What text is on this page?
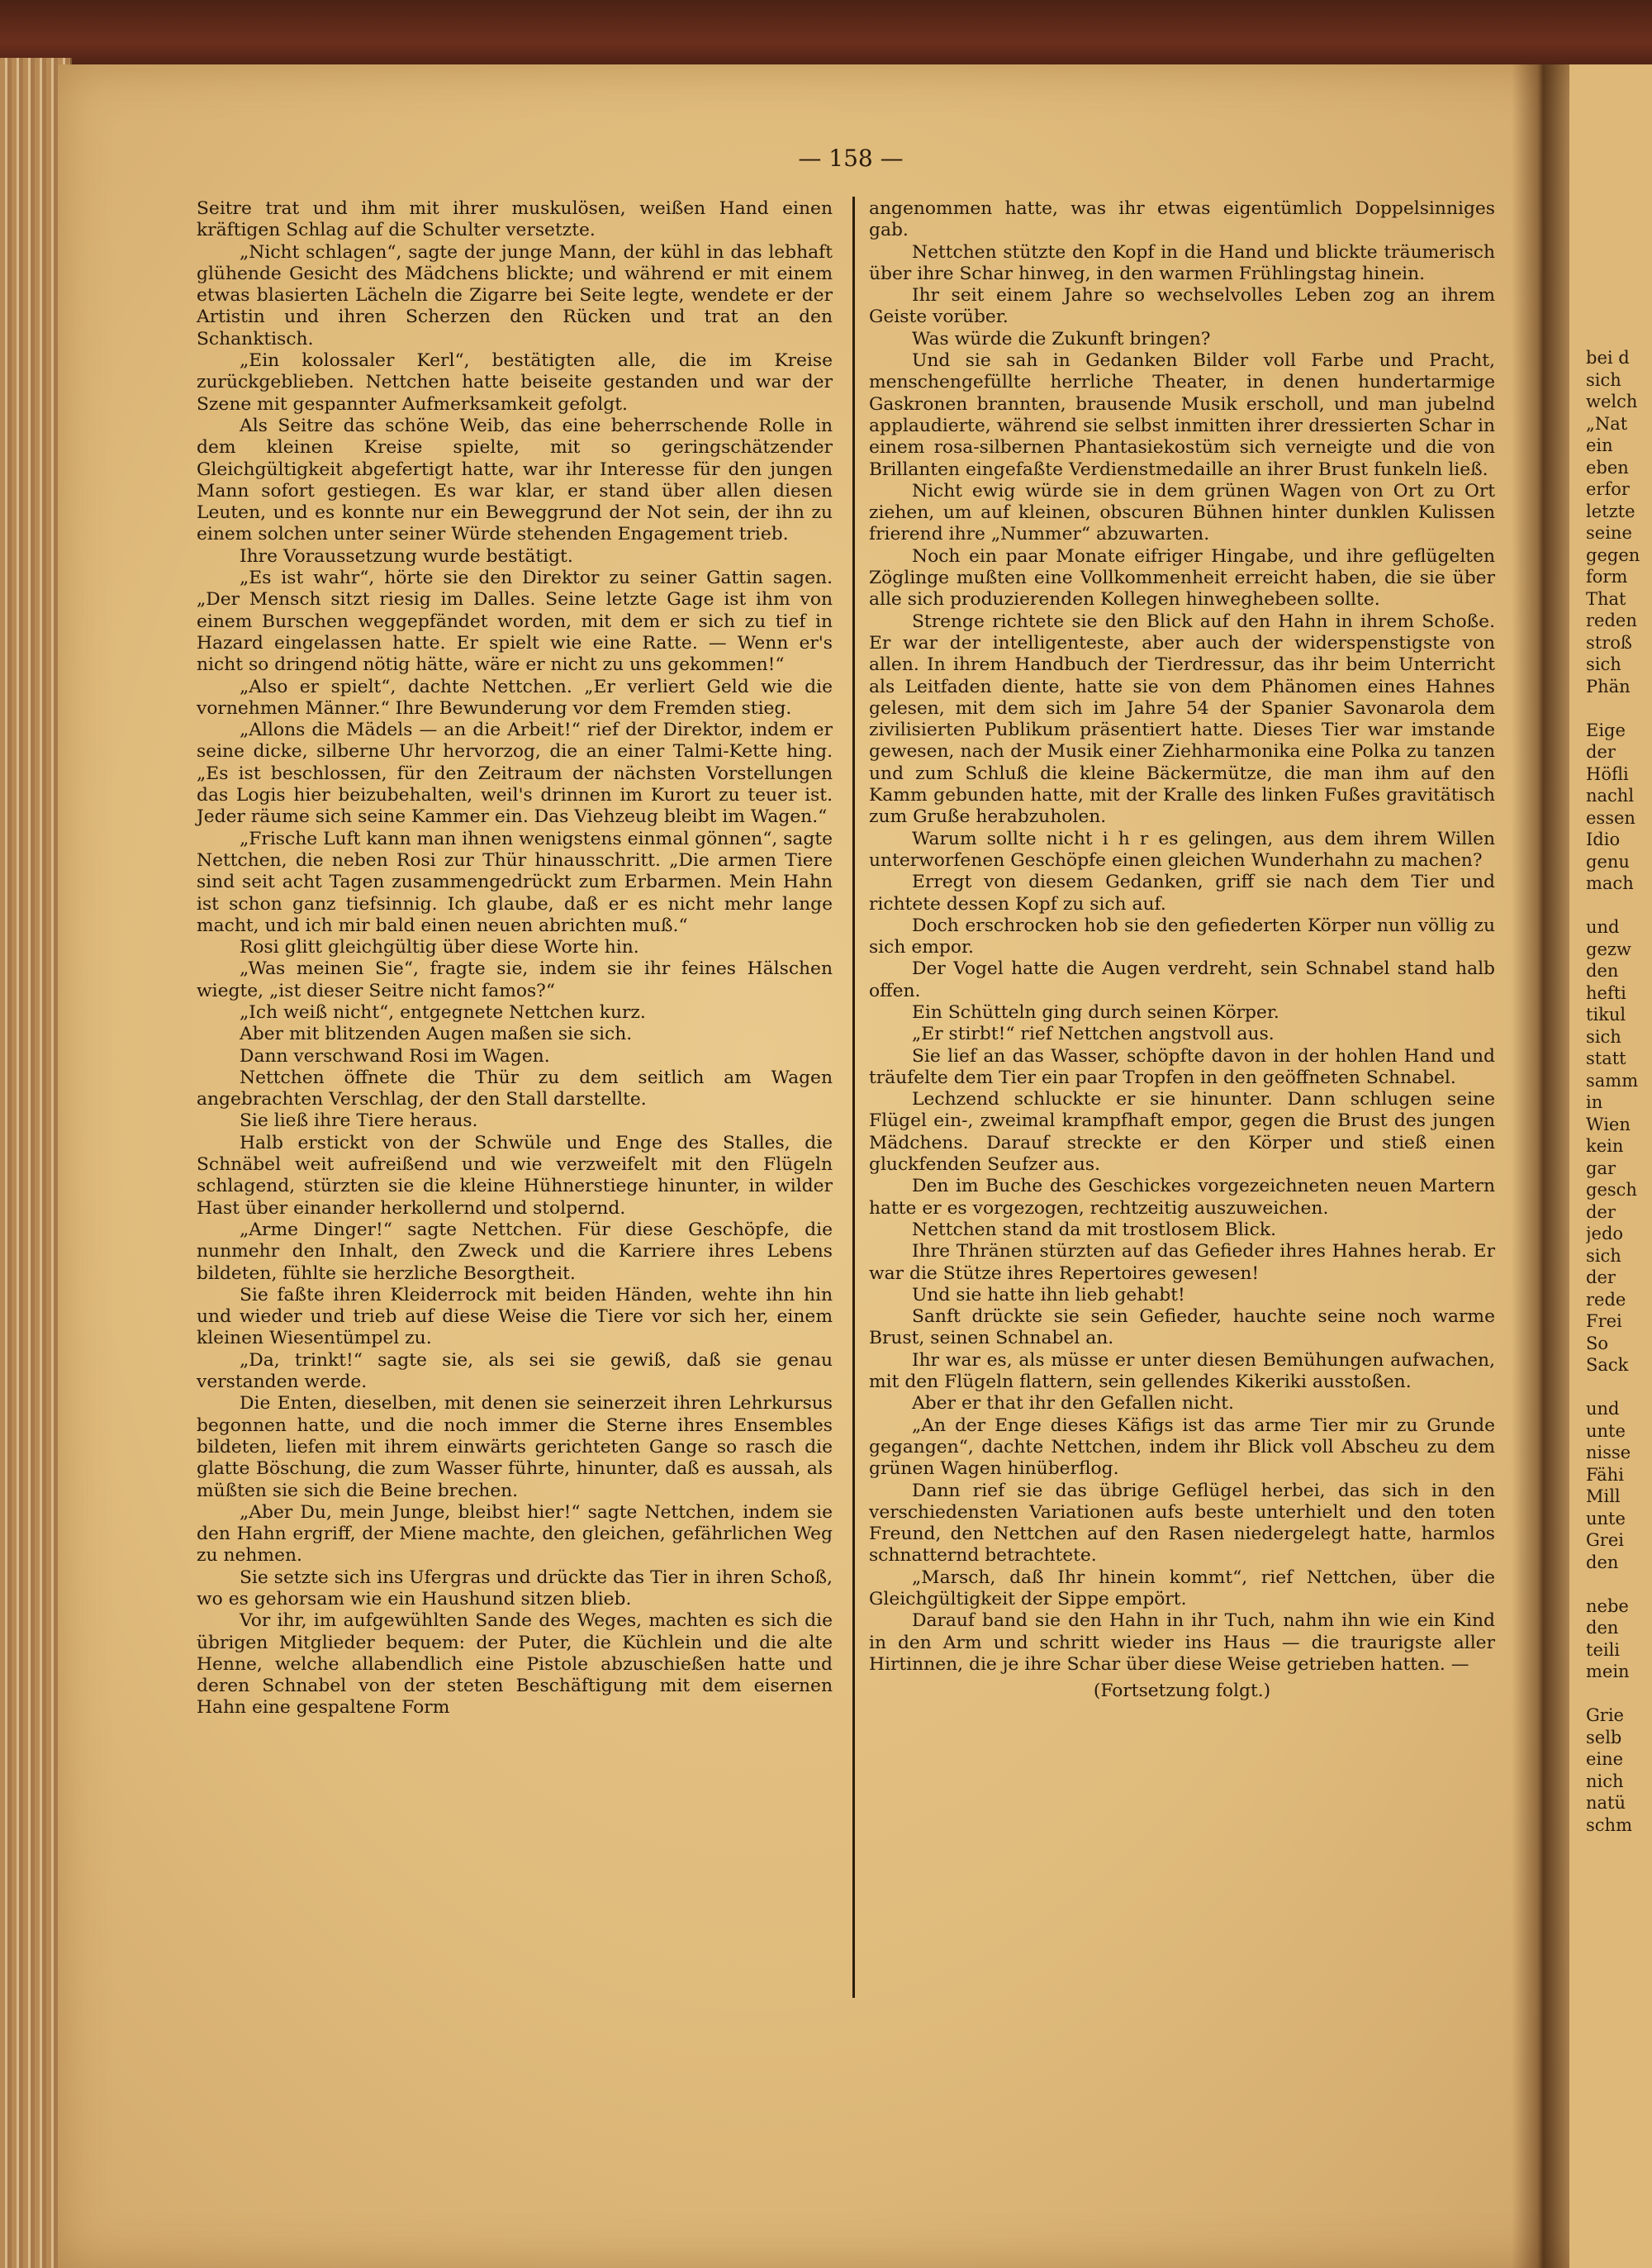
— 158 —

Seitre trat und ihm mit ihrer muskulösen, weißen Hand einen kräftigen Schlag auf die Schulter versetzte.

„Nicht schlagen“, sagte der junge Mann, der kühl in das lebhaft glühende Gesicht des Mädchens blickte; und während er mit einem etwas blasierten Lächeln die Zigarre bei Seite legte, wendete er der Artistin und ihren Scherzen den Rücken und trat an den Schanktisch.

„Ein kolossaler Kerl“, bestätigten alle, die im Kreise zurückgeblieben. Nettchen hatte beiseite gestanden und war der Szene mit gespannter Aufmerksamkeit gefolgt.

Als Seitre das schöne Weib, das eine beherrschende Rolle in dem kleinen Kreise spielte, mit so geringschätzender Gleichgültigkeit abgefertigt hatte, war ihr Interesse für den jungen Mann sofort gestiegen. Es war klar, er stand über allen diesen Leuten, und es konnte nur ein Beweggrund der Not sein, der ihn zu einem solchen unter seiner Würde stehenden Engagement trieb.

Ihre Voraussetzung wurde bestätigt.

„Es ist wahr“, hörte sie den Direktor zu seiner Gattin sagen. „Der Mensch sitzt riesig im Dalles. Seine letzte Gage ist ihm von einem Burschen weggepfändet worden, mit dem er sich zu tief in Hazard eingelassen hatte. Er spielt wie eine Ratte. — Wenn er's nicht so dringend nötig hätte, wäre er nicht zu uns gekommen!“

„Also er spielt“, dachte Nettchen. „Er verliert Geld wie die vornehmen Männer.“ Ihre Bewunderung vor dem Fremden stieg.

„Allons die Mädels — an die Arbeit!“ rief der Direktor, indem er seine dicke, silberne Uhr hervorzog, die an einer Talmi-Kette hing. „Es ist beschlossen, für den Zeitraum der nächsten Vorstellungen das Logis hier beizubehalten, weil's drinnen im Kurort zu teuer ist. Jeder räume sich seine Kammer ein. Das Viehzeug bleibt im Wagen.“

„Frische Luft kann man ihnen wenigstens einmal gönnen“, sagte Nettchen, die neben Rosi zur Thür hinausschritt. „Die armen Tiere sind seit acht Tagen zusammengedrückt zum Erbarmen. Mein Hahn ist schon ganz tiefsinnig. Ich glaube, daß er es nicht mehr lange macht, und ich mir bald einen neuen abrichten muß.“

Rosi glitt gleichgültig über diese Worte hin.

„Was meinen Sie“, fragte sie, indem sie ihr feines Hälschen wiegte, „ist dieser Seitre nicht famos?“

„Ich weiß nicht“, entgegnete Nettchen kurz.

Aber mit blitzenden Augen maßen sie sich.

Dann verschwand Rosi im Wagen.

Nettchen öffnete die Thür zu dem seitlich am Wagen angebrachten Verschlag, der den Stall darstellte.

Sie ließ ihre Tiere heraus.

Halb erstickt von der Schwüle und Enge des Stalles, die Schnäbel weit aufreißend und wie verzweifelt mit den Flügeln schlagend, stürzten sie die kleine Hühnerstiege hinunter, in wilder Hast über einander herkollernd und stolpernd.

„Arme Dinger!“ sagte Nettchen. Für diese Geschöpfe, die nunmehr den Inhalt, den Zweck und die Karriere ihres Lebens bildeten, fühlte sie herzliche Besorgtheit.

Sie faßte ihren Kleiderrock mit beiden Händen, wehte ihn hin und wieder und trieb auf diese Weise die Tiere vor sich her, einem kleinen Wiesentümpel zu.

„Da, trinkt!“ sagte sie, als sei sie gewiß, daß sie genau verstanden werde.

Die Enten, dieselben, mit denen sie seinerzeit ihren Lehrkursus begonnen hatte, und die noch immer die Sterne ihres Ensembles bildeten, liefen mit ihrem einwärts gerichteten Gange so rasch die glatte Böschung, die zum Wasser führte, hinunter, daß es aussah, als müßten sie sich die Beine brechen.

„Aber Du, mein Junge, bleibst hier!“ sagte Nettchen, indem sie den Hahn ergriff, der Miene machte, den gleichen, gefährlichen Weg zu nehmen.

Sie setzte sich ins Ufergras und drückte das Tier in ihren Schoß, wo es gehorsam wie ein Haushund sitzen blieb.

Vor ihr, im aufgewühlten Sande des Weges, machten es sich die übrigen Mitglieder bequem: der Puter, die Küchlein und die alte Henne, welche allabendlich eine Pistole abzuschießen hatte und deren Schnabel von der steten Beschäftigung mit dem eisernen Hahn eine gespaltene Form

angenommen hatte, was ihr etwas eigentümlich Doppelsinniges gab.

Nettchen stützte den Kopf in die Hand und blickte träumerisch über ihre Schar hinweg, in den warmen Frühlingstag hinein.

Ihr seit einem Jahre so wechselvolles Leben zog an ihrem Geiste vorüber.

Was würde die Zukunft bringen?

Und sie sah in Gedanken Bilder voll Farbe und Pracht, menschengefüllte herrliche Theater, in denen hundertarmige Gaskronen brannten, brausende Musik erscholl, und man jubelnd applaudierte, während sie selbst inmitten ihrer dressierten Schar in einem rosa-silbernen Phantasiekostüm sich verneigte und die von Brillanten eingefaßte Verdienstmedaille an ihrer Brust funkeln ließ.

Nicht ewig würde sie in dem grünen Wagen von Ort zu Ort ziehen, um auf kleinen, obscuren Bühnen hinter dunklen Kulissen frierend ihre „Nummer“ abzuwarten.

Noch ein paar Monate eifriger Hingabe, und ihre geflügelten Zöglinge mußten eine Vollkommenheit erreicht haben, die sie über alle sich produzierenden Kollegen hinweghebeen sollte.

Strenge richtete sie den Blick auf den Hahn in ihrem Schoße. Er war der intelligenteste, aber auch der widerspenstigste von allen. In ihrem Handbuch der Tierdressur, das ihr beim Unterricht als Leitfaden diente, hatte sie von dem Phänomen eines Hahnes gelesen, mit dem sich im Jahre 54 der Spanier Savonarola dem zivilisierten Publikum präsentiert hatte. Dieses Tier war imstande gewesen, nach der Musik einer Ziehharmonika eine Polka zu tanzen und zum Schluß die kleine Bäckermütze, die man ihm auf den Kamm gebunden hatte, mit der Kralle des linken Fußes gravitätisch zum Gruße herabzuholen.

Warum sollte nicht i h r es gelingen, aus dem ihrem Willen unterworfenen Geschöpfe einen gleichen Wunderhahn zu machen?

Erregt von diesem Gedanken, griff sie nach dem Tier und richtete dessen Kopf zu sich auf.

Doch erschrocken hob sie den gefiederten Körper nun völlig zu sich empor.

Der Vogel hatte die Augen verdreht, sein Schnabel stand halb offen.

Ein Schütteln ging durch seinen Körper.

„Er stirbt!“ rief Nettchen angstvoll aus.

Sie lief an das Wasser, schöpfte davon in der hohlen Hand und träufelte dem Tier ein paar Tropfen in den geöffneten Schnabel.

Lechzend schluckte er sie hinunter. Dann schlugen seine Flügel ein-, zweimal krampfhaft empor, gegen die Brust des jungen Mädchens. Darauf streckte er den Körper und stieß einen gluckfenden Seufzer aus.

Den im Buche des Geschickes vorgezeichneten neuen Martern hatte er es vorgezogen, rechtzeitig auszuweichen.

Nettchen stand da mit trostlosem Blick.

Ihre Thränen stürzten auf das Gefieder ihres Hahnes herab. Er war die Stütze ihres Repertoires gewesen!

Und sie hatte ihn lieb gehabt!

Sanft drückte sie sein Gefieder, hauchte seine noch warme Brust, seinen Schnabel an.

Ihr war es, als müsse er unter diesen Bemühungen aufwachen, mit den Flügeln flattern, sein gellendes Kikeriki ausstoßen.

Aber er that ihr den Gefallen nicht.

„An der Enge dieses Käfigs ist das arme Tier mir zu Grunde gegangen“, dachte Nettchen, indem ihr Blick voll Abscheu zu dem grünen Wagen hinüberflog.

Dann rief sie das übrige Geflügel herbei, das sich in den verschiedensten Variationen aufs beste unterhielt und den toten Freund, den Nettchen auf den Rasen niedergelegt hatte, harmlos schnatternd betrachtete.

„Marsch, daß Ihr hinein kommt“, rief Nettchen, über die Gleichgültigkeit der Sippe empört.

Darauf band sie den Hahn in ihr Tuch, nahm ihn wie ein Kind in den Arm und schritt wieder ins Haus — die traurigste aller Hirtinnen, die je ihre Schar über diese Weise getrieben hatten. —

(Fortsetzung folgt.)

bei d
sich
welch
„Nat
ein
eben
erfor
letzte
seine
gegen
form
That
reden
stroß
sich
Phän
Eige
der
Höfli
nachl
essen
Idio
genu
mach
und
gezw
den
hefti
tikul
sich
statt
samm
in
Wien
kein
gar
gesch
der
jedo
sich
der
rede
Frei
So
Sack
und
unte
nisse
Fähi
Mill
unte
Grei
den
nebe
den
teili
mein
Grie
selb
eine
nich
natü
schm
